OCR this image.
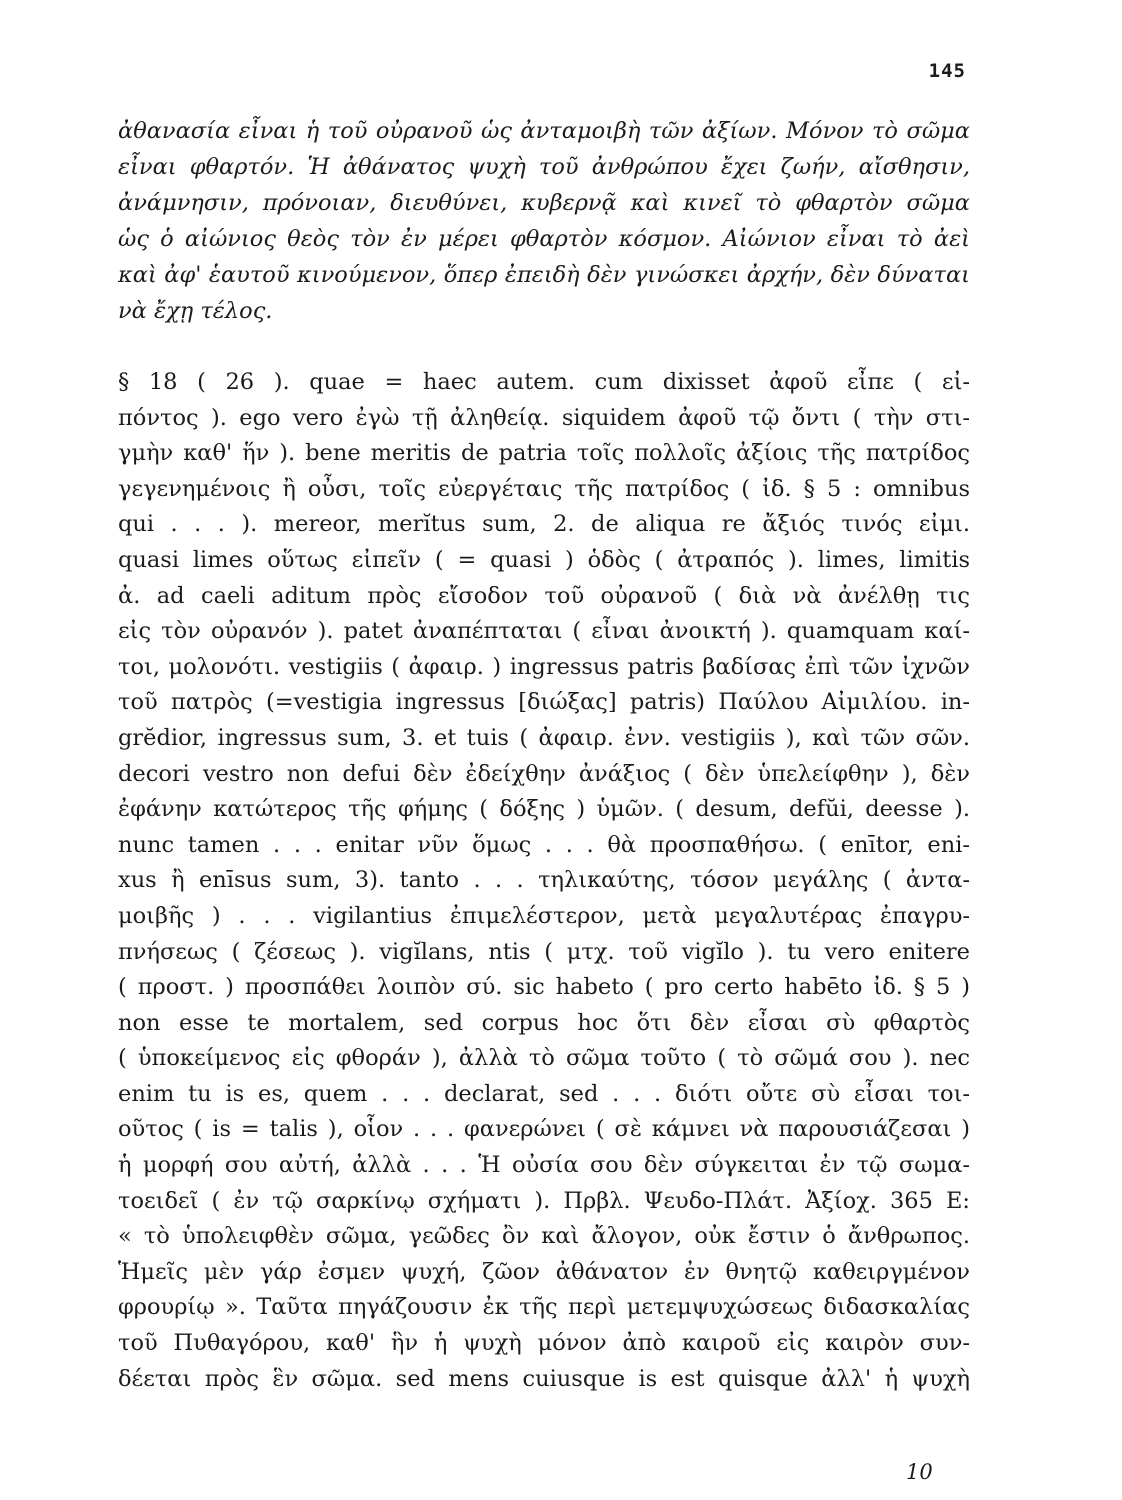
145
ἀθανασία εἶναι ἡ τοῦ οὐρανοῦ ὡς ἀνταμοιβὴ τῶν ἀξίων. Μόνον τὸ σῶμα
εἶναι φθαρτόν. Ἡ ἀθάνατος ψυχὴ τοῦ ἀνθρώπου ἔχει ζωήν, αἴσθησιν,
ἀνάμνησιν, πρόνοιαν, διευθύνει, κυβερνᾷ καὶ κινεῖ τὸ φθαρτὸν σῶμα
ὡς ὁ αἰώνιος θεὸς τὸν ἐν μέρει φθαρτὸν κόσμον. Αἰώνιον εἶναι τὸ ἀεὶ
καὶ ἀφ' ἑαυτοῦ κινούμενον, ὅπερ ἐπειδὴ δὲν γινώσκει ἀρχήν, δὲν δύναται
νὰ ἔχῃ τέλος.
§ 18 ( 26 ). quae = haec autem. cum dixisset ἀφοῦ εἶπε ( εἰ-
πόντος ). ego vero ἐγὼ τῇ ἀληθείᾳ. siquidem ἀφοῦ τῷ ὄντι ( τὴν στι-
γμὴν καθ' ἥν ). bene meritis de patria τοῖς πολλοῖς ἀξίοις τῆς πατρίδος
γεγενημένοις ἢ οὖσι, τοῖς εὐεργέταις τῆς πατρίδος ( ἰδ. § 5 : omnibus
qui . . . ). mereor, merĭtus sum, 2. de aliqua re ἄξιός τινός εἰμι.
quasi limes οὕτως εἰπεῖν ( = quasi ) ὁδὸς ( ἀτραπός ). limes, limitis
ἀ. ad caeli aditum πρὸς εἴσοδον τοῦ οὐρανοῦ ( διὰ νὰ ἀνέλθῃ τις
εἰς τὸν οὐρανόν ). patet ἀναπέπταται ( εἶναι ἀνοικτή ). quamquam καί-
τοι, μολονότι. vestigiis ( ἀφαιρ. ) ingressus patris βαδίσας ἐπὶ τῶν ἰχνῶν
τοῦ πατρὸς (=vestigia ingressus [διώξας] patris) Παύλου Αἰμιλίου. in-
grĕdior, ingressus sum, 3. et tuis ( ἀφαιρ. ἐνν. vestigiis ), καὶ τῶν σῶν.
decori vestro non defui δὲν ἐδείχθην ἀνάξιος ( δὲν ὑπελείφθην ), δὲν
ἐφάνην κατώτερος τῆς φήμης ( δόξης ) ὑμῶν. ( desum, defŭi, deesse ).
nunc tamen . . . enitar νῦν ὅμως . . . θὰ προσπαθήσω. ( enītor, eni-
xus ἢ enīsus sum, 3). tanto . . . τηλικαύτης, τόσον μεγάλης ( ἀντα-
μοιβῆς ) . . . vigilantius ἐπιμελέστερον, μετὰ μεγαλυτέρας ἐπαγρυ-
πνήσεως ( ζέσεως ). vigĭlans, ntis ( μτχ. τοῦ vigĭlo ). tu vero enitere
( προστ. ) προσπάθει λοιπὸν σύ. sic habeto ( pro certo habēto ἰδ. § 5 )
non esse te mortalem, sed corpus hoc ὅτι δὲν εἶσαι σὺ φθαρτὸς
( ὑποκείμενος εἰς φθοράν ), ἀλλὰ τὸ σῶμα τοῦτο ( τὸ σῶμά σου ). nec
enim tu is es, quem . . . declarat, sed . . . διότι οὔτε σὺ εἶσαι τοι-
οῦτος ( is = talis ), οἷον . . . φανερώνει ( σὲ κάμνει νὰ παρουσιάζεσαι )
ἡ μορφή σου αὐτή, ἀλλὰ . . . Ἡ οὐσία σου δὲν σύγκειται ἐν τῷ σωμα-
τοειδεῖ ( ἐν τῷ σαρκίνῳ σχήματι ). Πρβλ. Ψευδο-Πλάτ. Ἀξίοχ. 365 Ε:
« τὸ ὑπολειφθὲν σῶμα, γεῶδες ὂν καὶ ἄλογον, οὐκ ἔστιν ὁ ἄνθρωπος.
Ἡμεῖς μὲν γάρ ἐσμεν ψυχή, ζῶον ἀθάνατον ἐν θνητῷ καθειργμένον
φρουρίῳ ». Ταῦτα πηγάζουσιν ἐκ τῆς περὶ μετεμψυχώσεως διδασκαλίας
τοῦ Πυθαγόρου, καθ' ἣν ἡ ψυχὴ μόνον ἀπὸ καιροῦ εἰς καιρὸν συν-
δέεται πρὸς ἓν σῶμα. sed mens cuiusque is est quisque ἀλλ' ἡ ψυχὴ
10
